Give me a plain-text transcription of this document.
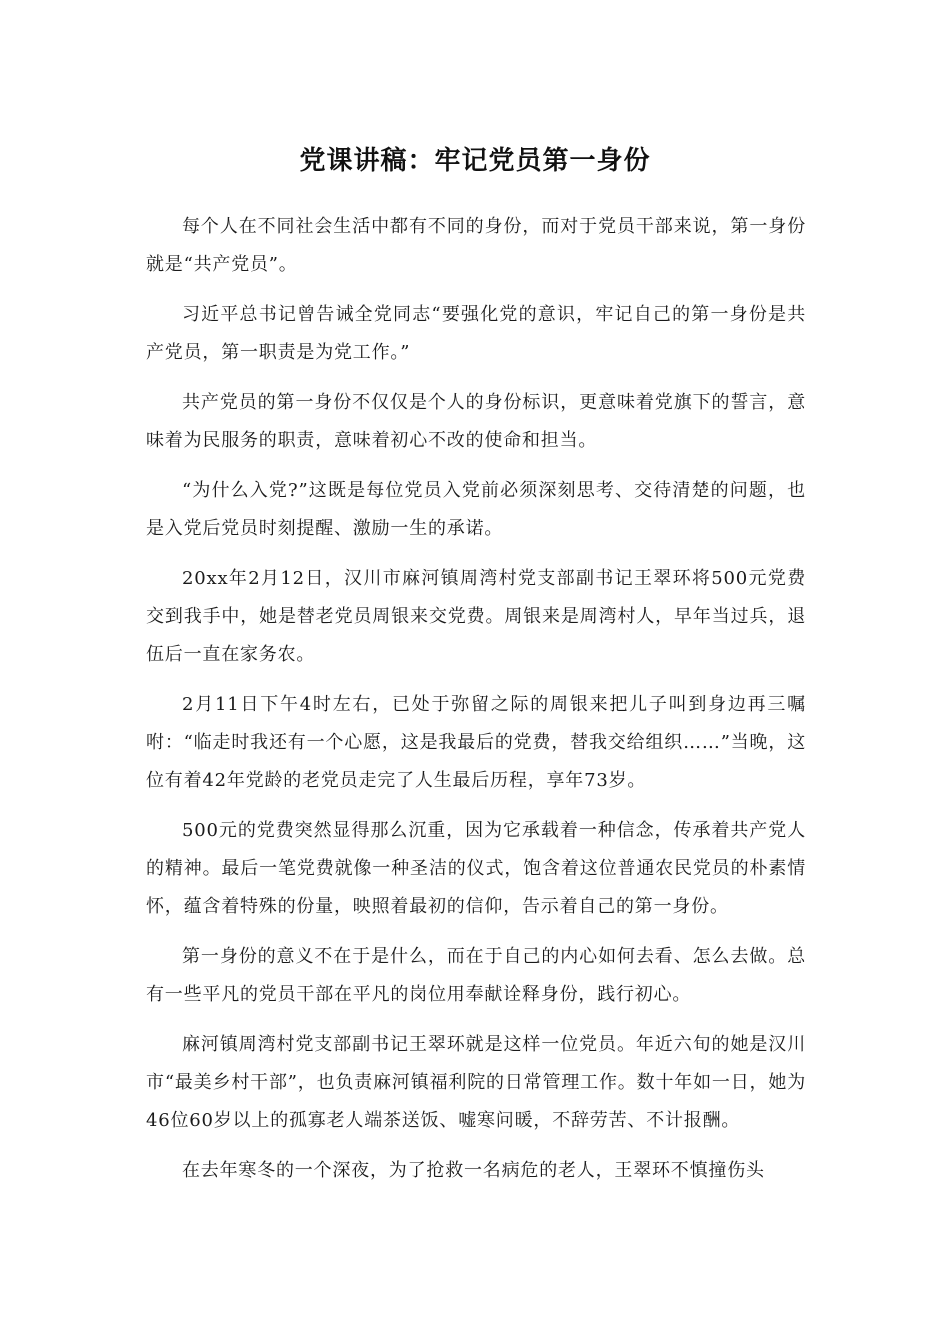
党课讲稿：牢记党员第一身份

每个人在不同社会生活中都有不同的身份，而对于党员干部来说，第一身份就是“共产党员”。

习近平总书记曾告诫全党同志“要强化党的意识，牢记自己的第一身份是共产党员，第一职责是为党工作。”

共产党员的第一身份不仅仅是个人的身份标识，更意味着党旗下的誓言，意味着为民服务的职责，意味着初心不改的使命和担当。

“为什么入党?”这既是每位党员入党前必须深刻思考、交待清楚的问题，也是入党后党员时刻提醒、激励一生的承诺。

20xx年2月12日，汉川市麻河镇周湾村党支部副书记王翠环将500元党费交到我手中，她是替老党员周银来交党费。周银来是周湾村人，早年当过兵，退伍后一直在家务农。

2月11日下午4时左右，已处于弥留之际的周银来把儿子叫到身边再三嘱咐：“临走时我还有一个心愿，这是我最后的党费，替我交给组织……”当晚，这位有着42年党龄的老党员走完了人生最后历程，享年73岁。

500元的党费突然显得那么沉重，因为它承载着一种信念，传承着共产党人的精神。最后一笔党费就像一种圣洁的仪式，饱含着这位普通农民党员的朴素情怀，蕴含着特殊的份量，映照着最初的信仰，告示着自己的第一身份。

第一身份的意义不在于是什么，而在于自己的内心如何去看、怎么去做。总有一些平凡的党员干部在平凡的岗位用奉献诠释身份，践行初心。

麻河镇周湾村党支部副书记王翠环就是这样一位党员。年近六旬的她是汉川市“最美乡村干部”，也负责麻河镇福利院的日常管理工作。数十年如一日，她为46位60岁以上的孤寡老人端茶送饭、嘘寒问暖，不辞劳苦、不计报酬。

在去年寒冬的一个深夜，为了抢救一名病危的老人，王翠环不慎撞伤头
